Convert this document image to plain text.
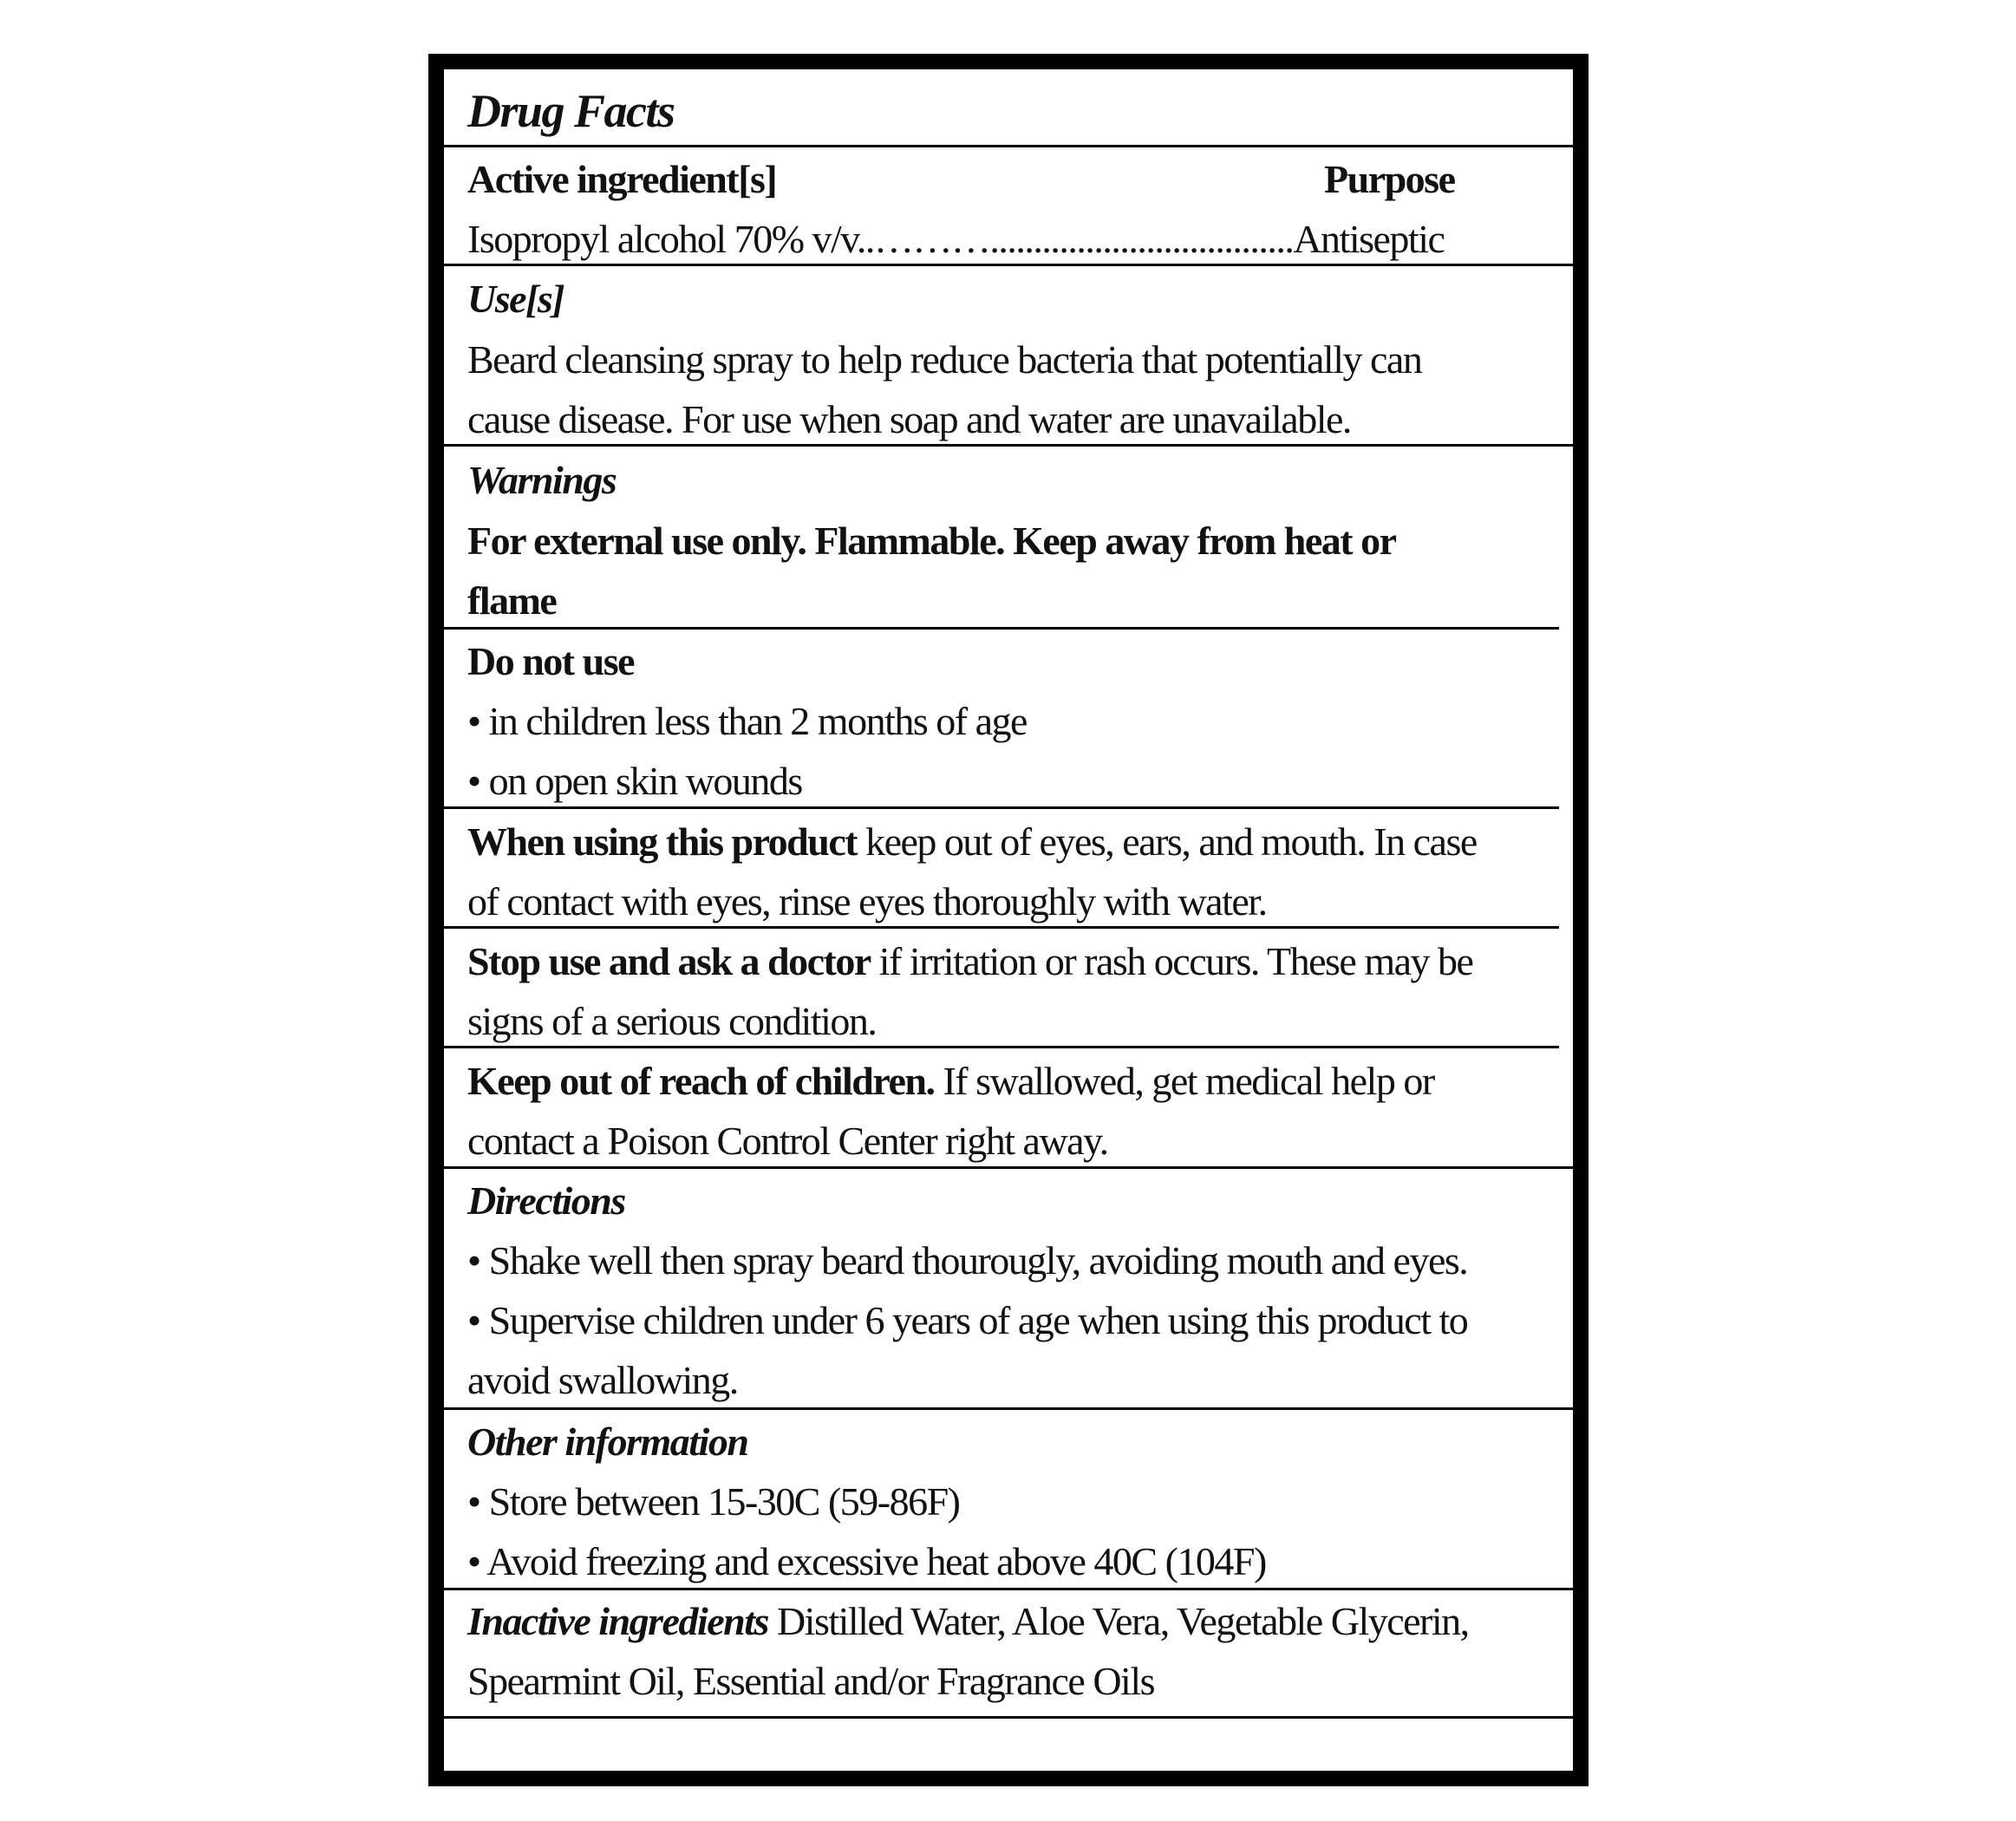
Drug Facts
Active ingredient[s]	Purpose
Isopropyl alcohol 70% v/v..………...................................Antiseptic
Use[s]
Beard cleansing spray to help reduce bacteria that potentially can
cause disease. For use when soap and water are unavailable.
Warnings
For external use only. Flammable. Keep away from heat or
flame
Do not use
• in children less than 2 months of age
• on open skin wounds
When using this product keep out of eyes, ears, and mouth. In case
of contact with eyes, rinse eyes thoroughly with water.
Stop use and ask a doctor if irritation or rash occurs. These may be
signs of a serious condition.
Keep out of reach of children. If swallowed, get medical help or
contact a Poison Control Center right away.
Directions
• Shake well then spray beard thourougly, avoiding mouth and eyes.
• Supervise children under 6 years of age when using this product to
avoid swallowing.
Other information
• Store between 15-30C (59-86F)
• Avoid freezing and excessive heat above 40C (104F)
Inactive ingredients Distilled Water, Aloe Vera, Vegetable Glycerin,
Spearmint Oil, Essential and/or Fragrance Oils
